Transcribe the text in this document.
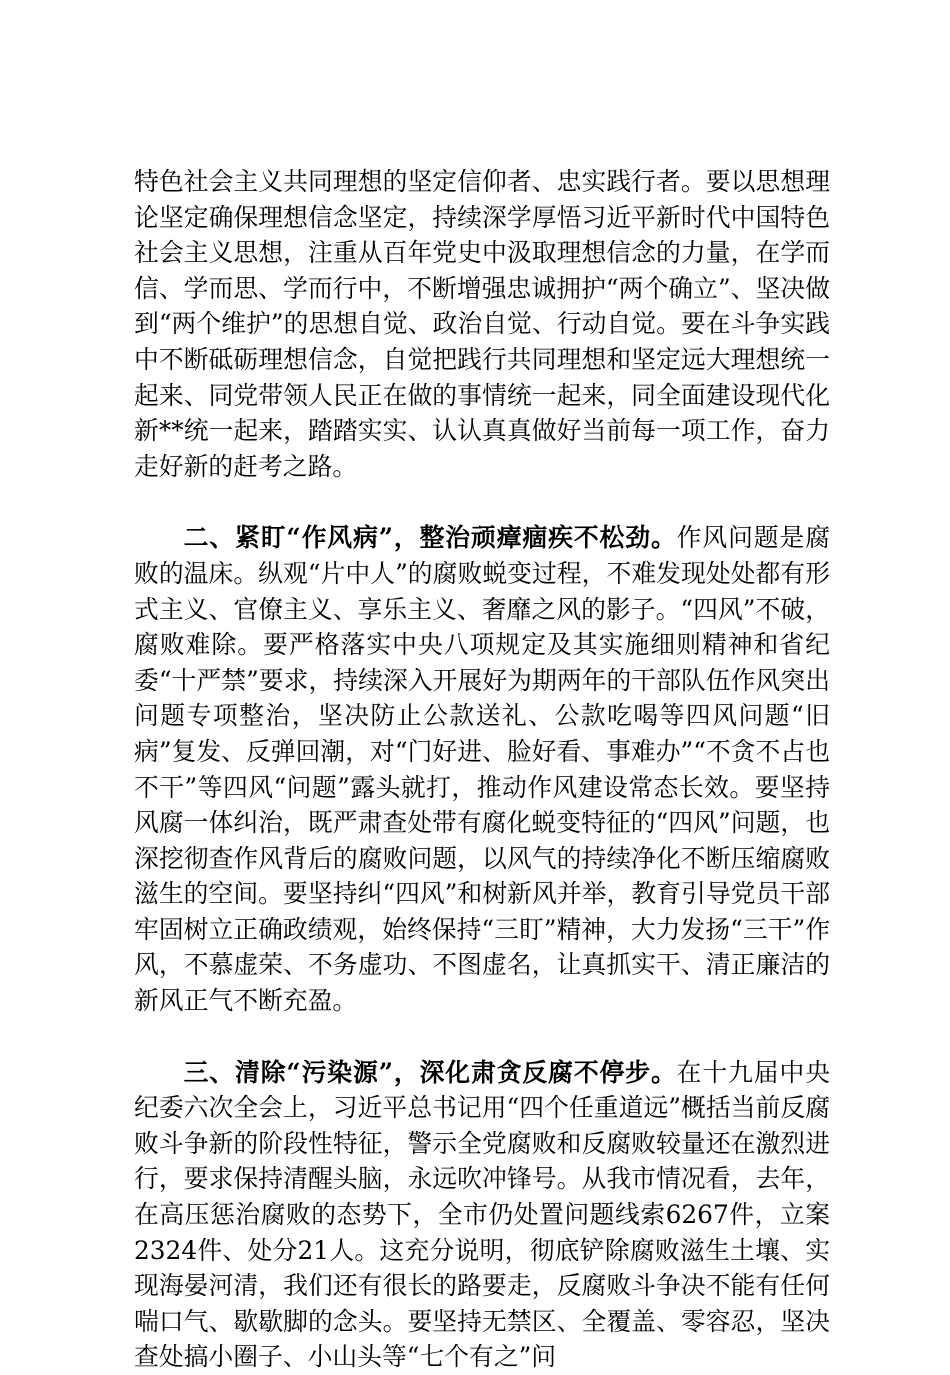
特色社会主义共同理想的坚定信仰者、忠实践行者。要以思想理论坚定确保理想信念坚定，持续深学厚悟习近平新时代中国特色社会主义思想，注重从百年党史中汲取理想信念的力量，在学而信、学而思、学而行中，不断增强忠诚拥护“两个确立”、坚决做到“两个维护”的思想自觉、政治自觉、行动自觉。要在斗争实践中不断砥砺理想信念，自觉把践行共同理想和坚定远大理想统一起来、同党带领人民正在做的事情统一起来，同全面建设现代化新**统一起来，踏踏实实、认认真真做好当前每一项工作，奋力走好新的赶考之路。

二、紧盯“作风病”，整治顽瘴痼疾不松劲。作风问题是腐败的温床。纵观“片中人”的腐败蜕变过程，不难发现处处都有形式主义、官僚主义、享乐主义、奢靡之风的影子。“四风”不破，腐败难除。要严格落实中央八项规定及其实施细则精神和省纪委“十严禁”要求，持续深入开展好为期两年的干部队伍作风突出问题专项整治，坚决防止公款送礼、公款吃喝等四风问题“旧病”复发、反弹回潮，对“门好进、脸好看、事难办”“不贪不占也不干”等四风“问题”露头就打，推动作风建设常态长效。要坚持风腐一体纠治，既严肃查处带有腐化蜕变特征的“四风”问题，也深挖彻查作风背后的腐败问题，以风气的持续净化不断压缩腐败滋生的空间。要坚持纠“四风”和树新风并举，教育引导党员干部牢固树立正确政绩观，始终保持“三盯”精神，大力发扬“三干”作风，不慕虚荣、不务虚功、不图虚名，让真抓实干、清正廉洁的新风正气不断充盈。

三、清除“污染源”，深化肃贪反腐不停步。在十九届中央纪委六次全会上，习近平总书记用“四个任重道远”概括当前反腐败斗争新的阶段性特征，警示全党腐败和反腐败较量还在激烈进行，要求保持清醒头脑，永远吹冲锋号。从我市情况看，去年，在高压惩治腐败的态势下，全市仍处置问题线索6267件，立案2324件、处分21人。这充分说明，彻底铲除腐败滋生土壤、实现海晏河清，我们还有很长的路要走，反腐败斗争决不能有任何喘口气、歇歇脚的念头。要坚持无禁区、全覆盖、零容忍，坚决查处搞小圈子、小山头等“七个有之”问
